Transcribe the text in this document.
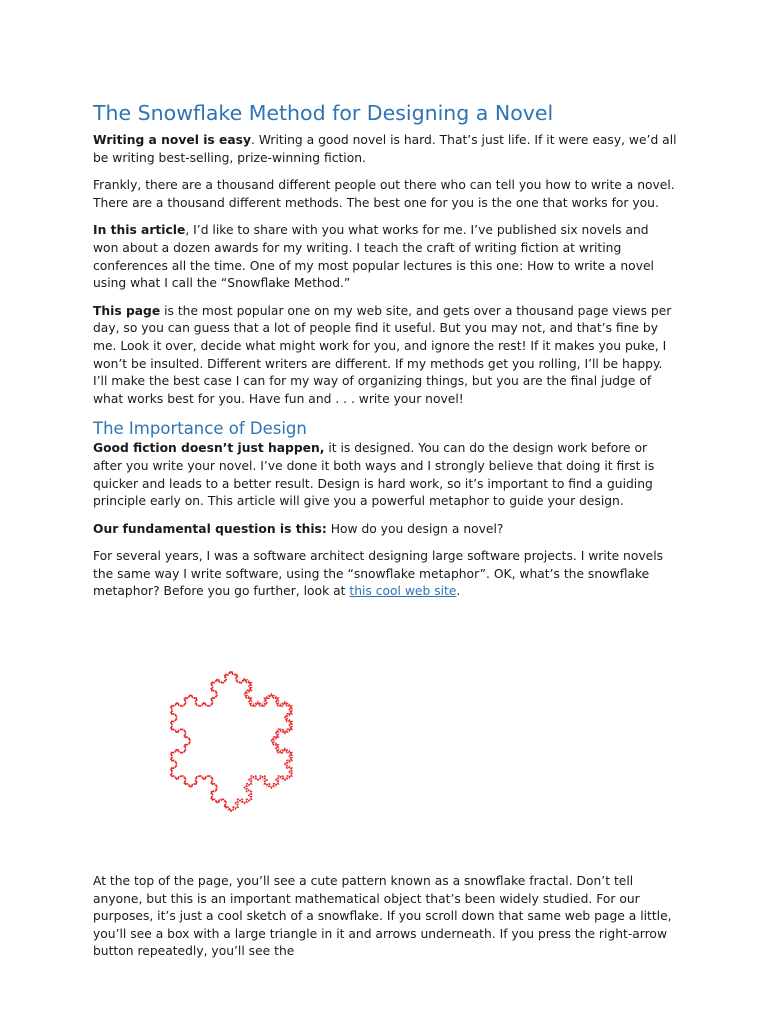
The Snowflake Method for Designing a Novel

Writing a novel is easy. Writing a good novel is hard. That’s just life. If it were easy, we’d all be writing best-selling, prize-winning fiction.

Frankly, there are a thousand different people out there who can tell you how to write a novel. There are a thousand different methods. The best one for you is the one that works for you.

In this article, I’d like to share with you what works for me. I’ve published six novels and won about a dozen awards for my writing. I teach the craft of writing fiction at writing conferences all the time. One of my most popular lectures is this one: How to write a novel using what I call the “Snowflake Method.”

This page is the most popular one on my web site, and gets over a thousand page views per day, so you can guess that a lot of people find it useful. But you may not, and that’s fine by me. Look it over, decide what might work for you, and ignore the rest! If it makes you puke, I won’t be insulted. Different writers are different. If my methods get you rolling, I’ll be happy. I’ll make the best case I can for my way of organizing things, but you are the final judge of what works best for you. Have fun and . . . write your novel!

The Importance of Design

Good fiction doesn’t just happen, it is designed. You can do the design work before or after you write your novel. I’ve done it both ways and I strongly believe that doing it first is quicker and leads to a better result. Design is hard work, so it’s important to find a guiding principle early on. This article will give you a powerful metaphor to guide your design.

Our fundamental question is this: How do you design a novel?

For several years, I was a software architect designing large software projects. I write novels the same way I write software, using the “snowflake metaphor”. OK, what’s the snowflake metaphor? Before you go further, look at this cool web site.

At the top of the page, you’ll see a cute pattern known as a snowflake fractal. Don’t tell anyone, but this is an important mathematical object that’s been widely studied. For our purposes, it’s just a cool sketch of a snowflake. If you scroll down that same web page a little, you’ll see a box with a large triangle in it and arrows underneath. If you press the right-arrow button repeatedly, you’ll see the
